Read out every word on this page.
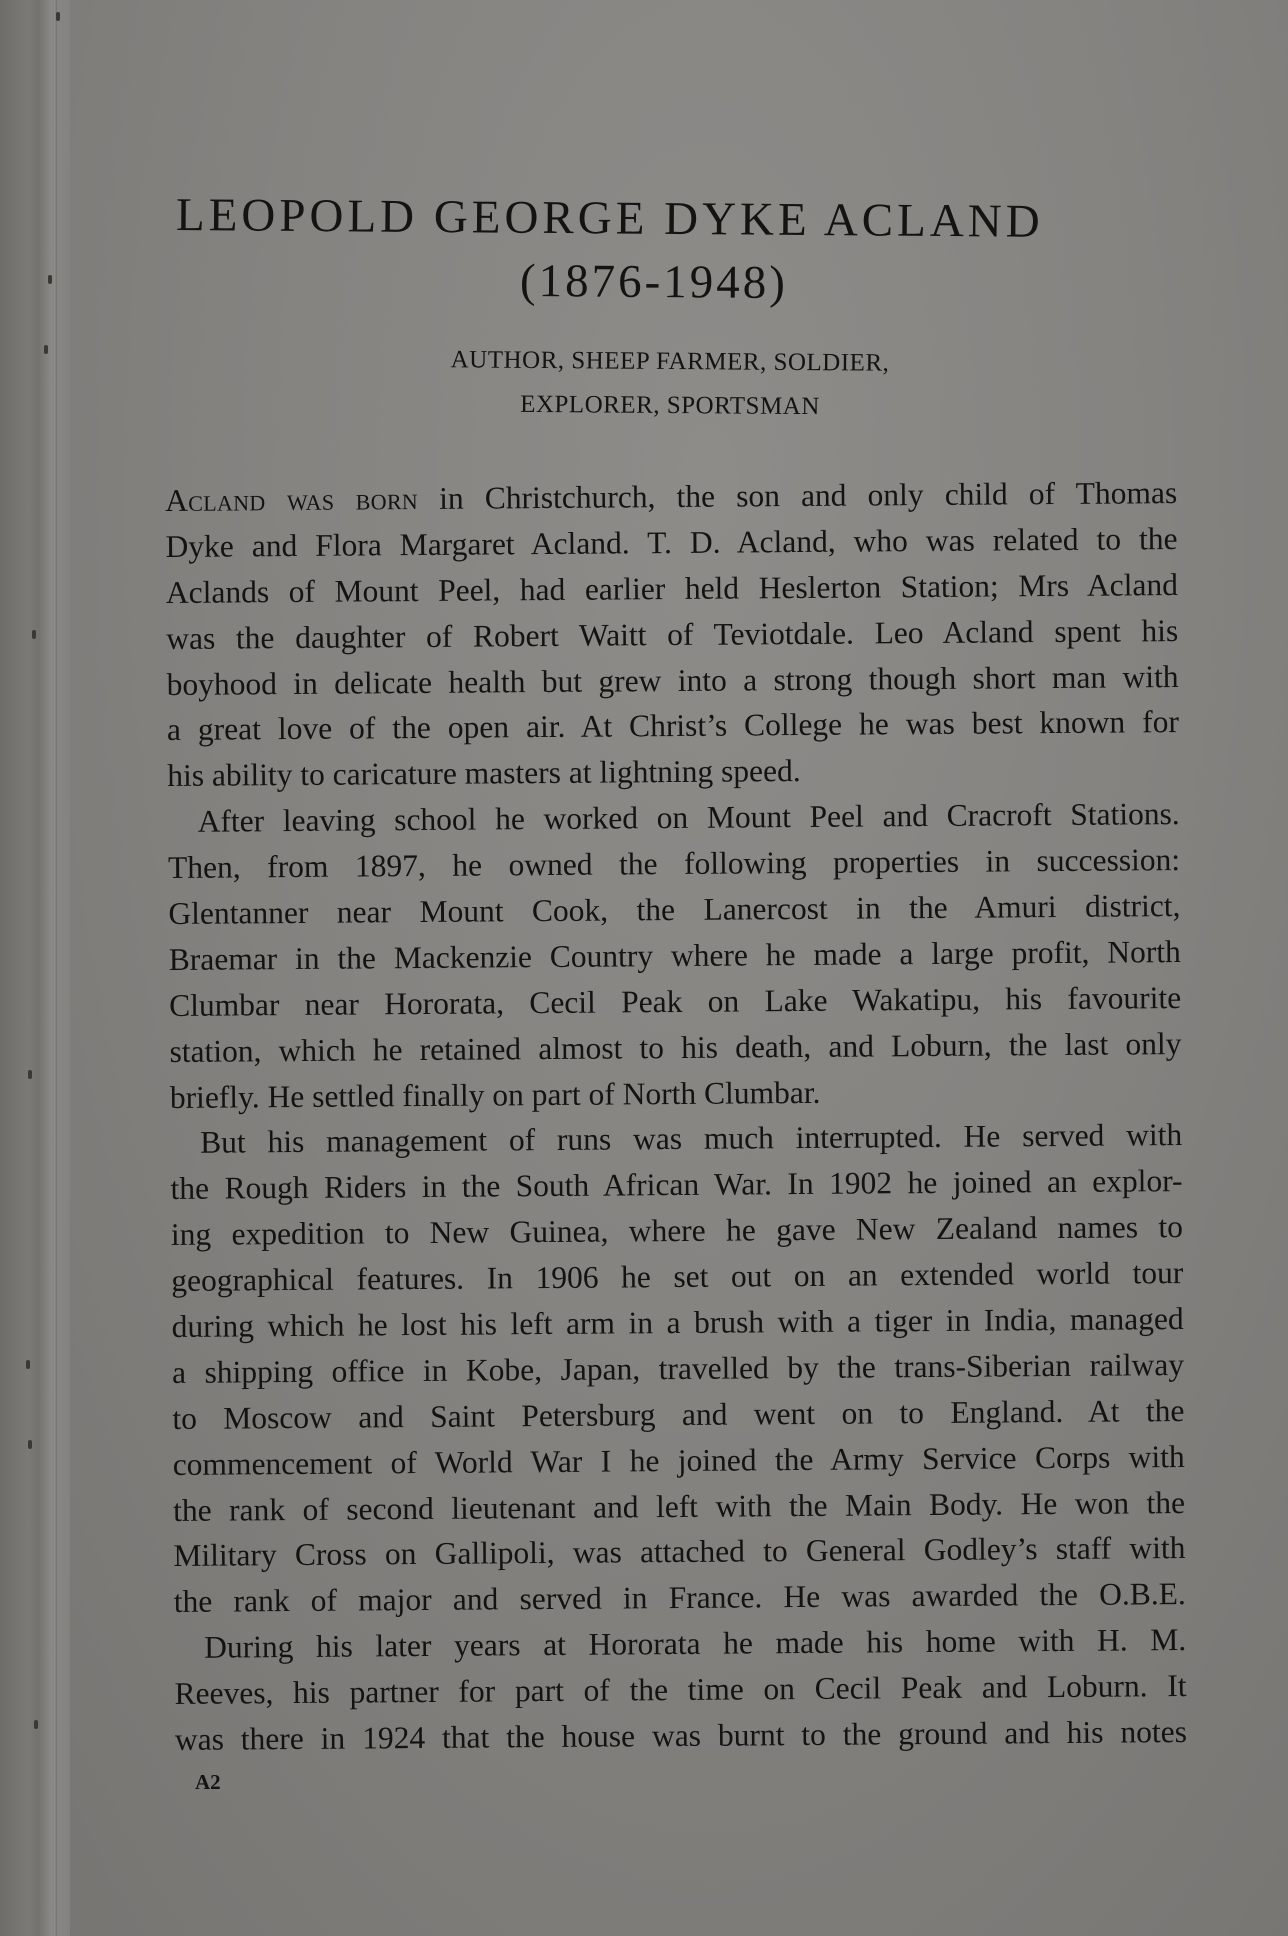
LEOPOLD GEORGE DYKE ACLAND
(1876-1948)
AUTHOR, SHEEP FARMER, SOLDIER,
EXPLORER, SPORTSMAN
Acland was born in Christchurch, the son and only child of Thomas
Dyke and Flora Margaret Acland. T. D. Acland, who was related to the
Aclands of Mount Peel, had earlier held Heslerton Station; Mrs Acland
was the daughter of Robert Waitt of Teviotdale. Leo Acland spent his
boyhood in delicate health but grew into a strong though short man with
a great love of the open air. At Christ’s College he was best known for
his ability to caricature masters at lightning speed.
After leaving school he worked on Mount Peel and Cracroft Stations.
Then, from 1897, he owned the following properties in succession:
Glentanner near Mount Cook, the Lanercost in the Amuri district,
Braemar in the Mackenzie Country where he made a large profit, North
Clumbar near Hororata, Cecil Peak on Lake Wakatipu, his favourite
station, which he retained almost to his death, and Loburn, the last only
briefly. He settled finally on part of North Clumbar.
But his management of runs was much interrupted. He served with
the Rough Riders in the South African War. In 1902 he joined an explor-
ing expedition to New Guinea, where he gave New Zealand names to
geographical features. In 1906 he set out on an extended world tour
during which he lost his left arm in a brush with a tiger in India, managed
a shipping office in Kobe, Japan, travelled by the trans-Siberian railway
to Moscow and Saint Petersburg and went on to England. At the
commencement of World War I he joined the Army Service Corps with
the rank of second lieutenant and left with the Main Body. He won the
Military Cross on Gallipoli, was attached to General Godley’s staff with
the rank of major and served in France. He was awarded the O.B.E.
During his later years at Hororata he made his home with H. M.
Reeves, his partner for part of the time on Cecil Peak and Loburn. It
was there in 1924 that the house was burnt to the ground and his notes
A2
